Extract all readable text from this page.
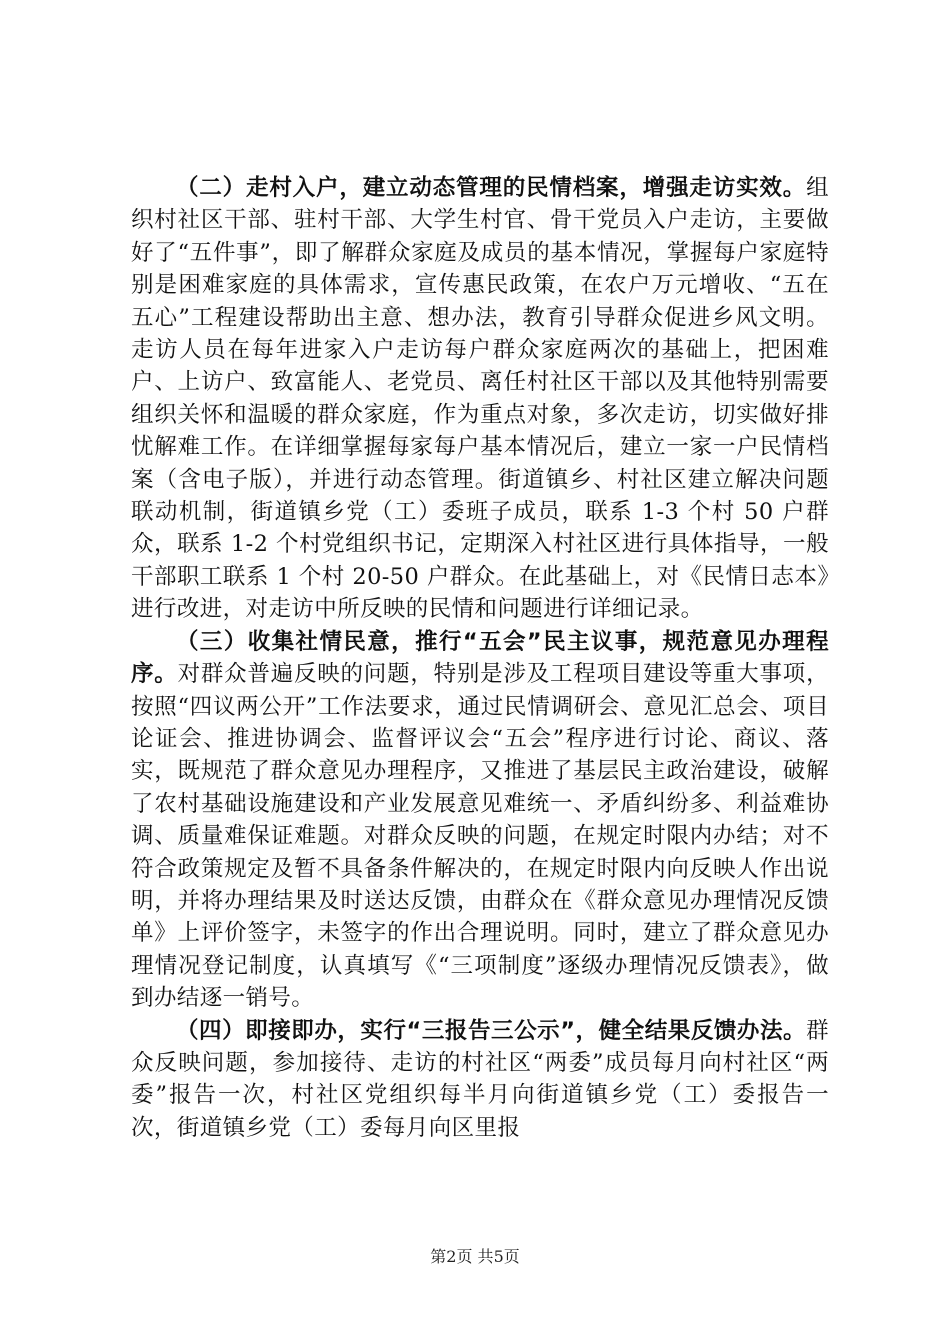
（二）走村入户，建立动态管理的民情档案，增强走访实效。组织村社区干部、驻村干部、大学生村官、骨干党员入户走访，主要做好了“五件事”，即了解群众家庭及成员的基本情况，掌握每户家庭特别是困难家庭的具体需求，宣传惠民政策，在农户万元增收、“五在五心”工程建设帮助出主意、想办法，教育引导群众促进乡风文明。走访人员在每年进家入户走访每户群众家庭两次的基础上，把困难户、上访户、致富能人、老党员、离任村社区干部以及其他特别需要组织关怀和温暖的群众家庭，作为重点对象，多次走访，切实做好排忧解难工作。在详细掌握每家每户基本情况后，建立一家一户民情档案（含电子版），并进行动态管理。街道镇乡、村社区建立解决问题联动机制，街道镇乡党（工）委班子成员，联系 1-3 个村 50 户群众，联系 1-2 个村党组织书记，定期深入村社区进行具体指导，一般干部职工联系 1 个村 20-50 户群众。在此基础上，对《民情日志本》进行改进，对走访中所反映的民情和问题进行详细记录。

（三）收集社情民意，推行“五会”民主议事，规范意见办理程序。对群众普遍反映的问题，特别是涉及工程项目建设等重大事项，按照“四议两公开”工作法要求，通过民情调研会、意见汇总会、项目论证会、推进协调会、监督评议会“五会”程序进行讨论、商议、落实，既规范了群众意见办理程序，又推进了基层民主政治建设，破解了农村基础设施建设和产业发展意见难统一、矛盾纠纷多、利益难协调、质量难保证难题。对群众反映的问题，在规定时限内办结；对不符合政策规定及暂不具备条件解决的，在规定时限内向反映人作出说明，并将办理结果及时送达反馈，由群众在《群众意见办理情况反馈单》上评价签字，未签字的作出合理说明。同时，建立了群众意见办理情况登记制度，认真填写《“三项制度”逐级办理情况反馈表》，做到办结逐一销号。

（四）即接即办，实行“三报告三公示”，健全结果反馈办法。群众反映问题，参加接待、走访的村社区“两委”成员每月向村社区“两委”报告一次，村社区党组织每半月向街道镇乡党（工）委报告一次，街道镇乡党（工）委每月向区里报

第2页 共5页
